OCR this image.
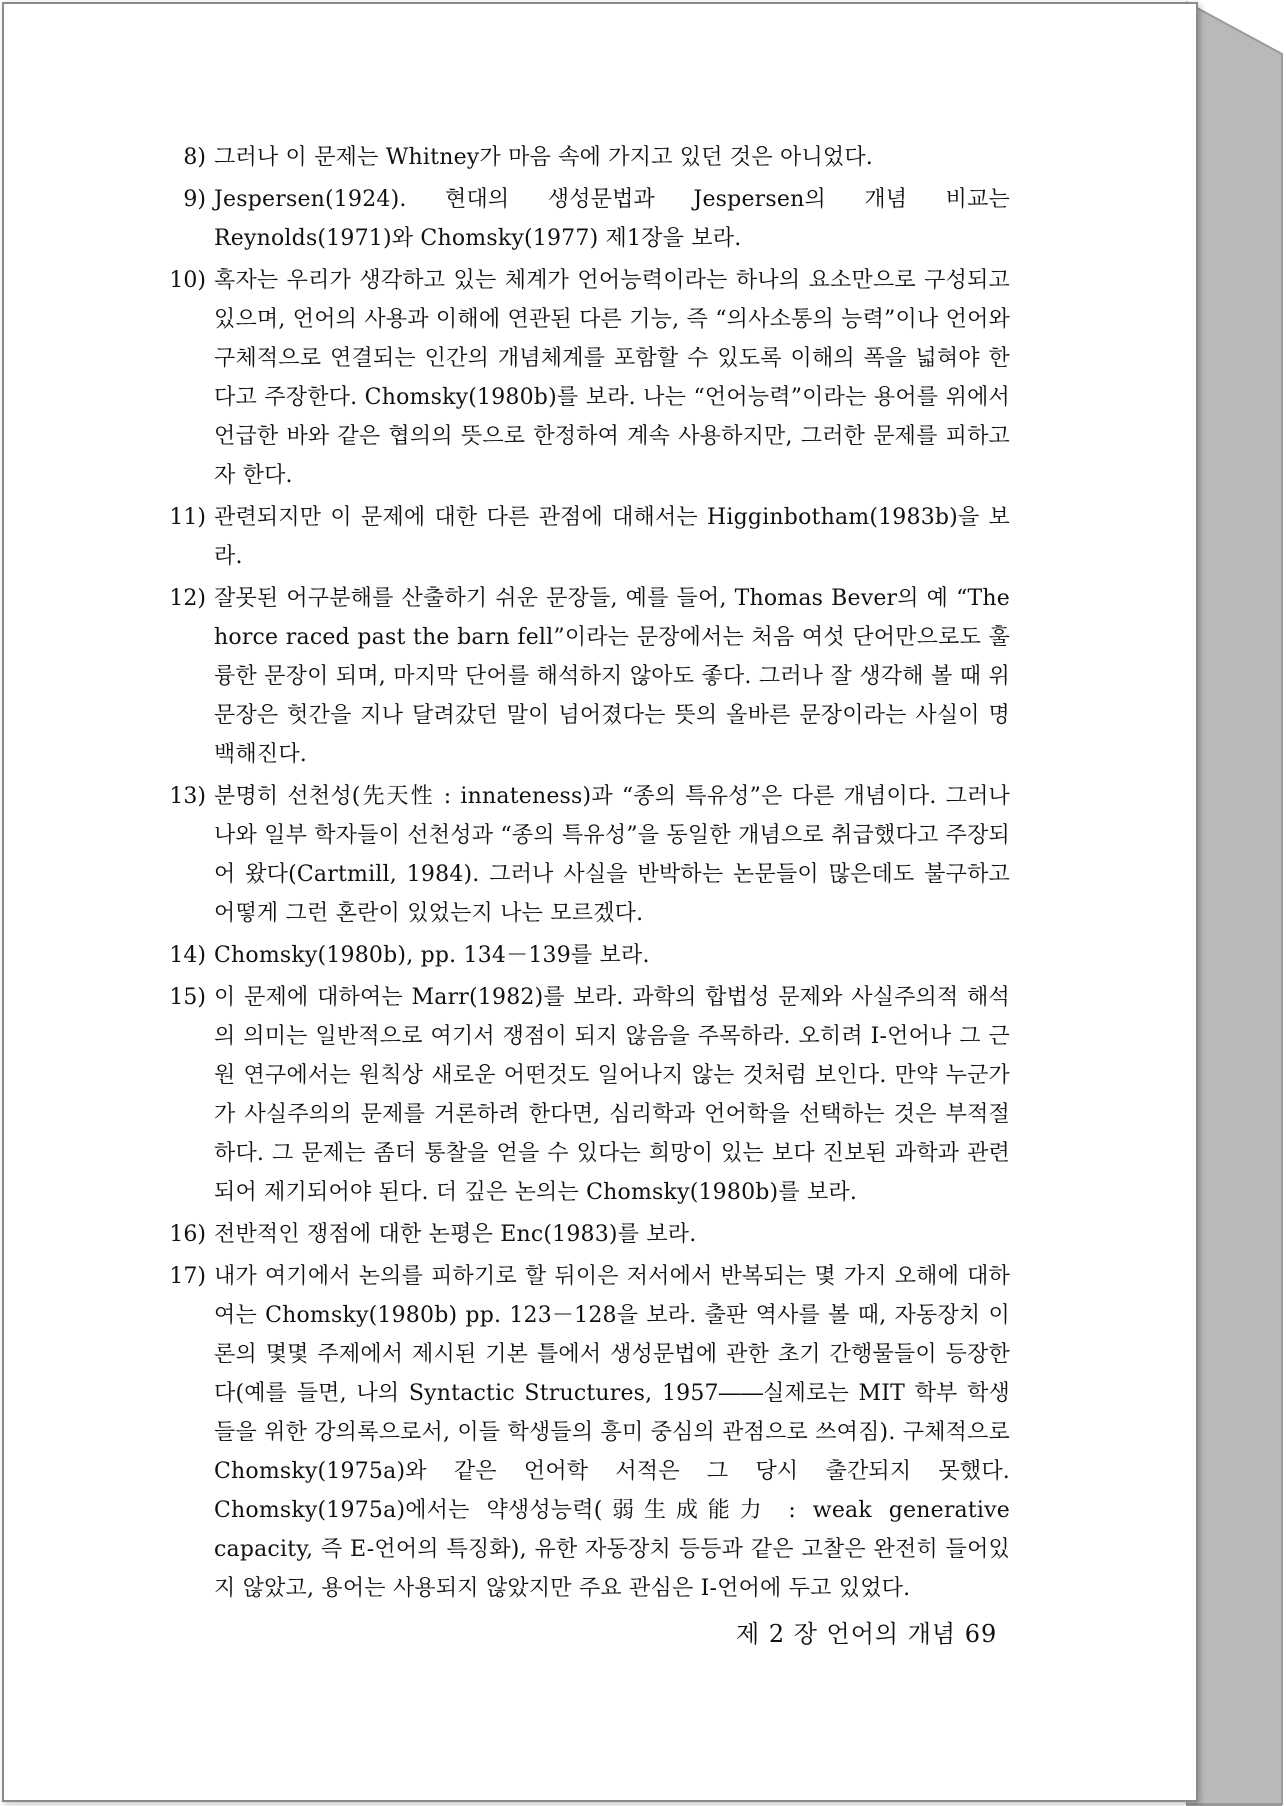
8) 그러나 이 문제는 Whitney가 마음 속에 가지고 있던 것은 아니었다.
9) Jespersen(1924). 현대의 생성문법과 Jespersen의 개념 비교는 Reynolds(1971)와 Chomsky(1977) 제1장을 보라.
10) 혹자는 우리가 생각하고 있는 체계가 언어능력이라는 하나의 요소만으로 구성되고 있으며, 언어의 사용과 이해에 연관된 다른 기능, 즉 “의사소통의 능력”이나 언어와 구체적으로 연결되는 인간의 개념체계를 포함할 수 있도록 이해의 폭을 넓혀야 한다고 주장한다. Chomsky(1980b)를 보라. 나는 “언어능력”이라는 용어를 위에서 언급한 바와 같은 협의의 뜻으로 한정하여 계속 사용하지만, 그러한 문제를 피하고자 한다.
11) 관련되지만 이 문제에 대한 다른 관점에 대해서는 Higginbotham(1983b)을 보라.
12) 잘못된 어구분해를 산출하기 쉬운 문장들, 예를 들어, Thomas Bever의 예 “The horce raced past the barn fell”이라는 문장에서는 처음 여섯 단어만으로도 훌륭한 문장이 되며, 마지막 단어를 해석하지 않아도 좋다. 그러나 잘 생각해 볼 때 위 문장은 헛간을 지나 달려갔던 말이 넘어졌다는 뜻의 올바른 문장이라는 사실이 명백해진다.
13) 분명히 선천성(先天性 : innateness)과 “종의 특유성”은 다른 개념이다. 그러나 나와 일부 학자들이 선천성과 “종의 특유성”을 동일한 개념으로 취급했다고 주장되어 왔다(Cartmill, 1984). 그러나 사실을 반박하는 논문들이 많은데도 불구하고 어떻게 그런 혼란이 있었는지 나는 모르겠다.
14) Chomsky(1980b), pp. 134－139를 보라.
15) 이 문제에 대하여는 Marr(1982)를 보라. 과학의 합법성 문제와 사실주의적 해석의 의미는 일반적으로 여기서 쟁점이 되지 않음을 주목하라. 오히려 I-언어나 그 근원 연구에서는 원칙상 새로운 어떤것도 일어나지 않는 것처럼 보인다. 만약 누군가가 사실주의의 문제를 거론하려 한다면, 심리학과 언어학을 선택하는 것은 부적절하다. 그 문제는 좀더 통찰을 얻을 수 있다는 희망이 있는 보다 진보된 과학과 관련되어 제기되어야 된다. 더 깊은 논의는 Chomsky(1980b)를 보라.
16) 전반적인 쟁점에 대한 논평은 Enc(1983)를 보라.
17) 내가 여기에서 논의를 피하기로 할 뒤이은 저서에서 반복되는 몇 가지 오해에 대하여는 Chomsky(1980b) pp. 123－128을 보라. 출판 역사를 볼 때, 자동장치 이론의 몇몇 주제에서 제시된 기본 틀에서 생성문법에 관한 초기 간행물들이 등장한다(예를 들면, 나의 Syntactic Structures, 1957――실제로는 MIT 학부 학생들을 위한 강의록으로서, 이들 학생들의 흥미 중심의 관점으로 쓰여짐). 구체적으로 Chomsky(1975a)와 같은 언어학 서적은 그 당시 출간되지 못했다. Chomsky(1975a)에서는 약생성능력(弱生成能力 : weak generative capacity, 즉 E-언어의 특징화), 유한 자동장치 등등과 같은 고찰은 완전히 들어있지 않았고, 용어는 사용되지 않았지만 주요 관심은 I-언어에 두고 있었다.
제 2 장 언어의 개념 69
